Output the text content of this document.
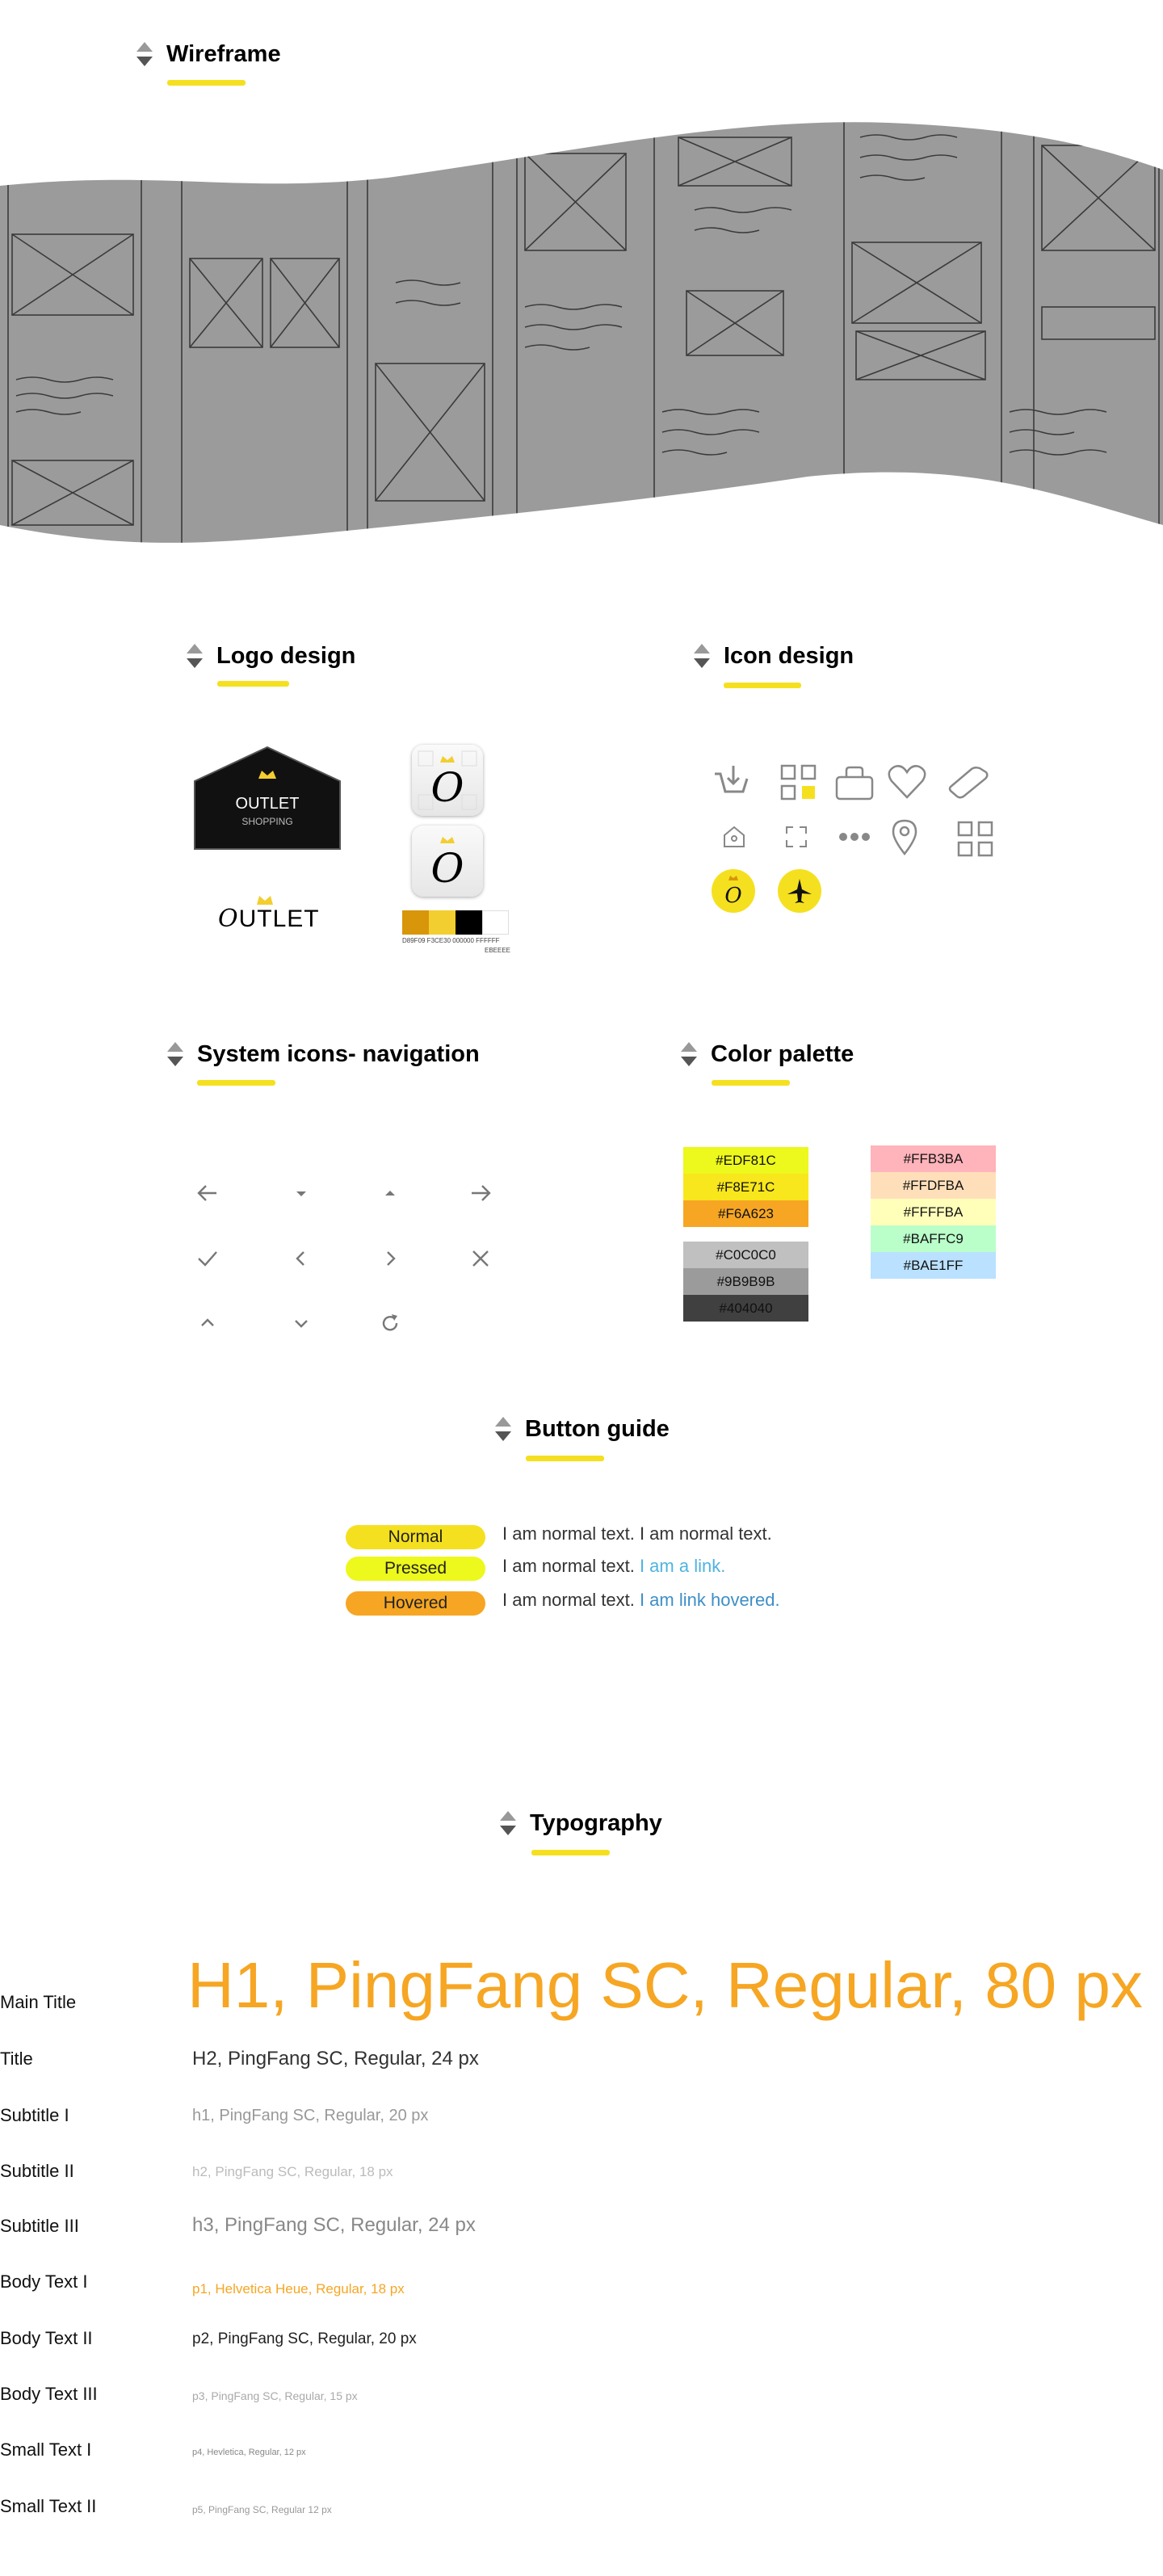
Wireframe
Logo design
OUTLET
SHOPPING
O
O
OUTLET
D89F09 F3CE30 000000 FFFFFF
EBEEEE
Icon design
O
System icons- navigation	Color palette
#EDF81C
#F8E71C
#F6A623
#C0C0C0
#9B9B9B
#404040
#FFB3BA
#FFDFBA
#FFFFBA
#BAFFC9
#BAE1FF
Button guide
Normal	I am normal text. I am normal text.
Pressed	I am normal text. I am a link.
Hovered	I am normal text. I am link hovered.
Typography
Main Title H1, PingFang SC, Regular, 80 px
Title	H2, PingFang SC, Regular, 24 px
Subtitle I	h1, PingFang SC, Regular, 20 px
Subtitle II	h2, PingFang SC, Regular, 18 px
Subtitle III	h3, PingFang SC, Regular, 24 px
Body Text I	p1, Helvetica Heue, Regular, 18 px
Body Text II	p2, PingFang SC, Regular, 20 px
Body Text III	p3, PingFang SC, Regular, 15 px
Small Text I	p4, Hevletica, Regular, 12 px
Small Text II	p5, PingFang SC, Regular 12 px
